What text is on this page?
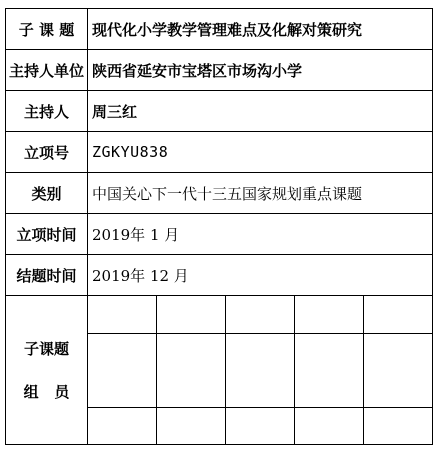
子 课 题	现代化小学教学管理难点及化解对策研究
主持人单位	陕西省延安市宝塔区市场沟小学
主持人	周三红
立项号	ZGKYU838
类别	中国关心下一代十三五国家规划重点课题
立项时间	2019年 1 月
结题时间	2019年 12 月

子课题
组   员
